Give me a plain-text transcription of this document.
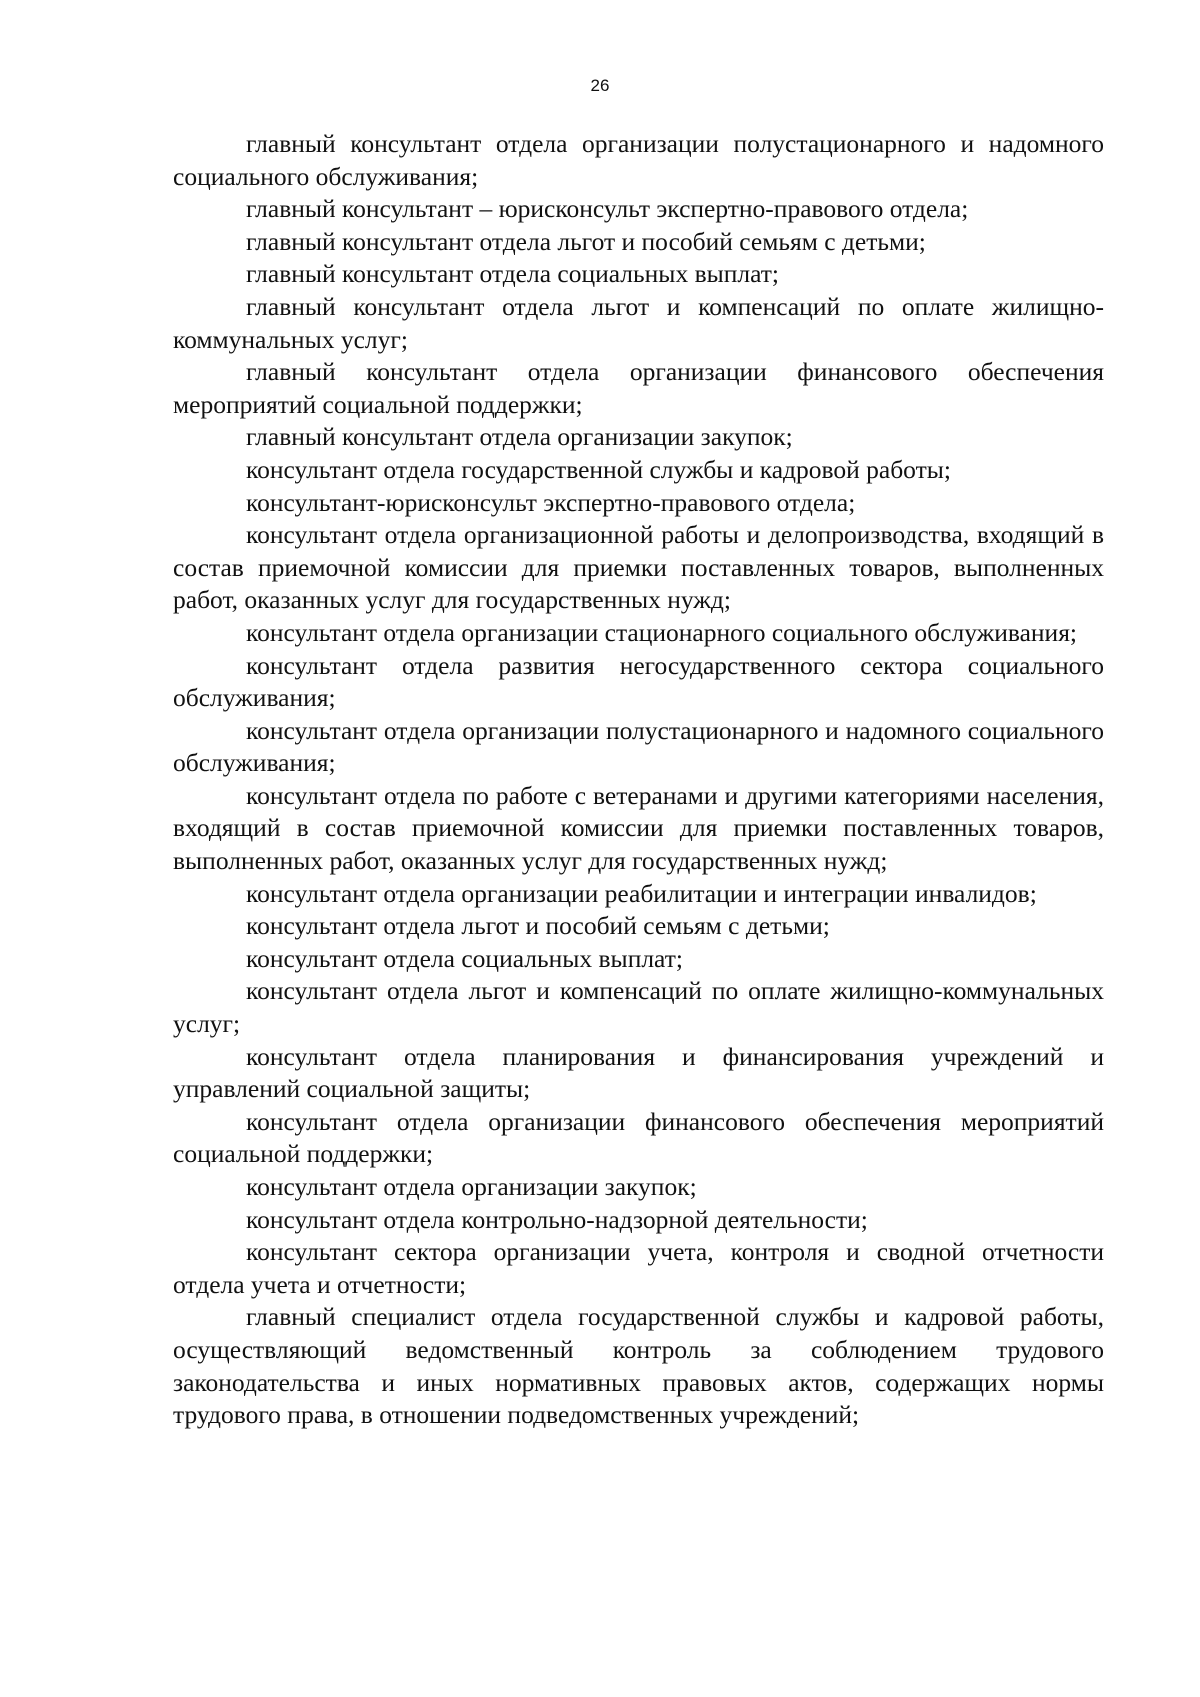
26

главный консультант отдела организации полустационарного и надомного социального обслуживания;

главный консультант – юрисконсульт экспертно-правового отдела;

главный консультант отдела льгот и пособий семьям с детьми;

главный консультант отдела социальных выплат;

главный консультант отдела льгот и компенсаций по оплате жилищно-коммунальных услуг;

главный консультант отдела организации финансового обеспечения мероприятий социальной поддержки;

главный консультант отдела организации закупок;

консультант отдела государственной службы и кадровой работы;

консультант-юрисконсульт экспертно-правового отдела;

консультант отдела организационной работы и делопроизводства, входящий в состав приемочной комиссии для приемки поставленных товаров, выполненных работ, оказанных услуг для государственных нужд;

консультант отдела организации стационарного социального обслуживания;

консультант отдела развития негосударственного сектора социального обслуживания;

консультант отдела организации полустационарного и надомного социального обслуживания;

консультант отдела по работе с ветеранами и другими категориями населения, входящий в состав приемочной комиссии для приемки поставленных товаров, выполненных работ, оказанных услуг для государственных нужд;

консультант отдела организации реабилитации и интеграции инвалидов;

консультант отдела льгот и пособий семьям с детьми;

консультант отдела социальных выплат;

консультант отдела льгот и компенсаций по оплате жилищно-коммунальных услуг;

консультант отдела планирования и финансирования учреждений и управлений социальной защиты;

консультант отдела организации финансового обеспечения мероприятий социальной поддержки;

консультант отдела организации закупок;

консультант отдела контрольно-надзорной деятельности;

консультант сектора организации учета, контроля и сводной отчетности отдела учета и отчетности;

главный специалист отдела государственной службы и кадровой работы, осуществляющий ведомственный контроль за соблюдением трудового законодательства и иных нормативных правовых актов, содержащих нормы трудового права, в отношении подведомственных учреждений;
